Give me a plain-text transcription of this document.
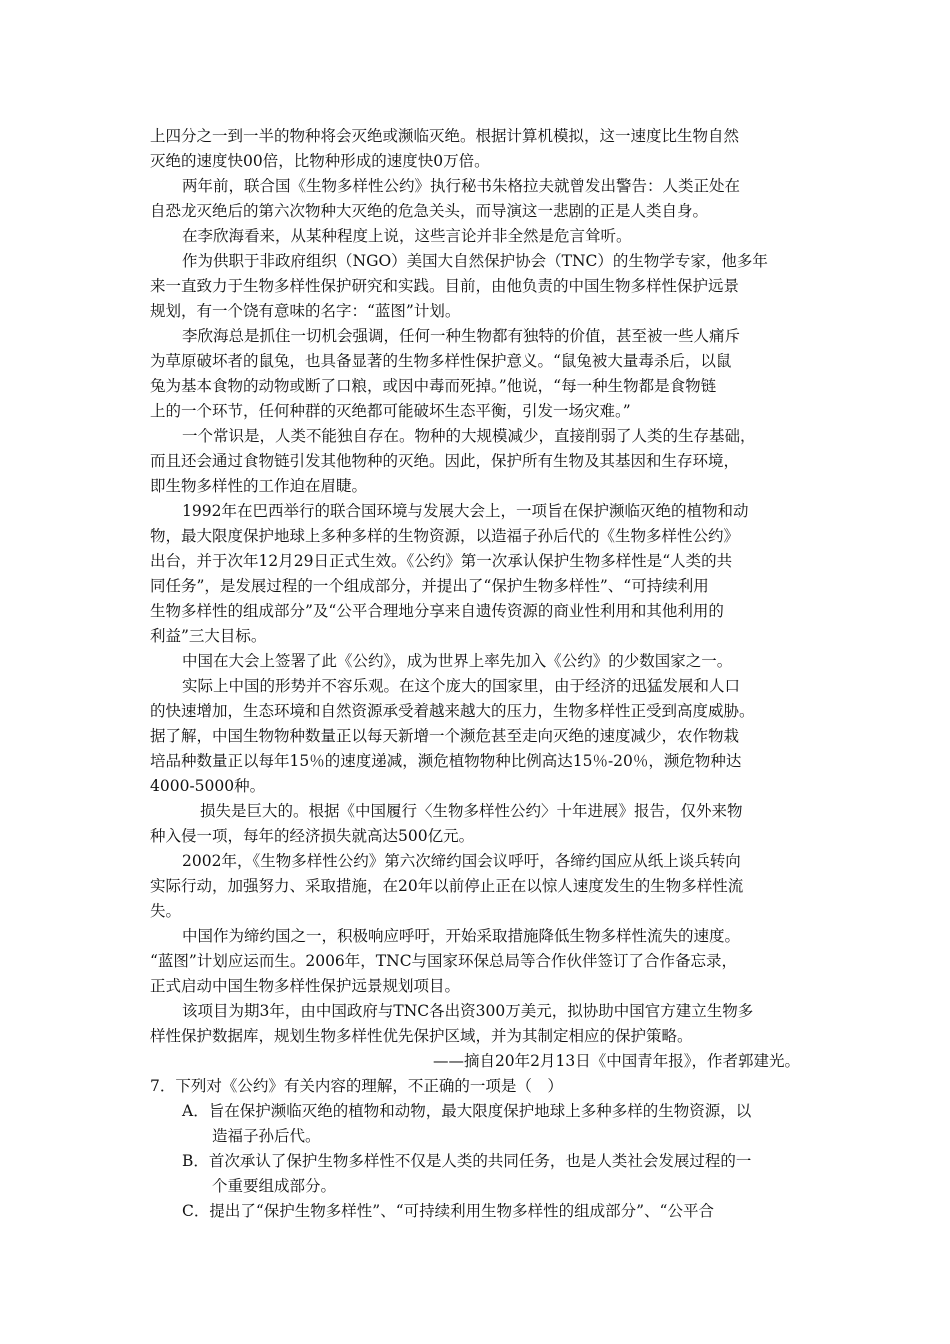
上四分之一到一半的物种将会灭绝或濒临灭绝。根据计算机模拟，这一速度比生物自然
灭绝的速度快00倍，比物种形成的速度快0万倍。
两年前，联合国《生物多样性公约》执行秘书朱格拉夫就曾发出警告：人类正处在
自恐龙灭绝后的第六次物种大灭绝的危急关头，而导演这一悲剧的正是人类自身。
在李欣海看来，从某种程度上说，这些言论并非全然是危言耸听。
作为供职于非政府组织（NGO）美国大自然保护协会（TNC）的生物学专家，他多年
来一直致力于生物多样性保护研究和实践。目前，由他负责的中国生物多样性保护远景
规划，有一个饶有意味的名字：“蓝图”计划。
李欣海总是抓住一切机会强调，任何一种生物都有独特的价值，甚至被一些人痛斥
为草原破坏者的鼠兔，也具备显著的生物多样性保护意义。“鼠兔被大量毒杀后，以鼠
兔为基本食物的动物或断了口粮，或因中毒而死掉。”他说，“每一种生物都是食物链
上的一个环节，任何种群的灭绝都可能破坏生态平衡，引发一场灾难。”
一个常识是，人类不能独自存在。物种的大规模减少，直接削弱了人类的生存基础，
而且还会通过食物链引发其他物种的灭绝。因此，保护所有生物及其基因和生存环境，
即生物多样性的工作迫在眉睫。
1992年在巴西举行的联合国环境与发展大会上，一项旨在保护濒临灭绝的植物和动
物，最大限度保护地球上多种多样的生物资源，以造福子孙后代的《生物多样性公约》
出台，并于次年12月29日正式生效。《公约》第一次承认保护生物多样性是“人类的共
同任务”，是发展过程的一个组成部分，并提出了“保护生物多样性”、“可持续利用
生物多样性的组成部分”及“公平合理地分享来自遗传资源的商业性利用和其他利用的
利益”三大目标。
中国在大会上签署了此《公约》，成为世界上率先加入《公约》的少数国家之一。
实际上中国的形势并不容乐观。在这个庞大的国家里，由于经济的迅猛发展和人口
的快速增加，生态环境和自然资源承受着越来越大的压力，生物多样性正受到高度威胁。
据了解，中国生物物种数量正以每天新增一个濒危甚至走向灭绝的速度减少，农作物栽
培品种数量正以每年15％的速度递减，濒危植物物种比例高达15％-20％，濒危物种达
4000-5000种。
损失是巨大的。根据《中国履行〈生物多样性公约〉十年进展》报告，仅外来物
种入侵一项，每年的经济损失就高达500亿元。
2002年，《生物多样性公约》第六次缔约国会议呼吁，各缔约国应从纸上谈兵转向
实际行动，加强努力、采取措施，在20年以前停止正在以惊人速度发生的生物多样性流
失。
中国作为缔约国之一，积极响应呼吁，开始采取措施降低生物多样性流失的速度。
“蓝图”计划应运而生。2006年，TNC与国家环保总局等合作伙伴签订了合作备忘录，
正式启动中国生物多样性保护远景规划项目。
该项目为期3年，由中国政府与TNC各出资300万美元，拟协助中国官方建立生物多
样性保护数据库，规划生物多样性优先保护区域，并为其制定相应的保护策略。
——摘自20年2月13日《中国青年报》，作者郭建光。
7．下列对《公约》有关内容的理解，不正确的一项是（　）
A．旨在保护濒临灭绝的植物和动物，最大限度保护地球上多种多样的生物资源，以
造福子孙后代。
B．首次承认了保护生物多样性不仅是人类的共同任务，也是人类社会发展过程的一
个重要组成部分。
C．提出了“保护生物多样性”、“可持续利用生物多样性的组成部分”、“公平合
